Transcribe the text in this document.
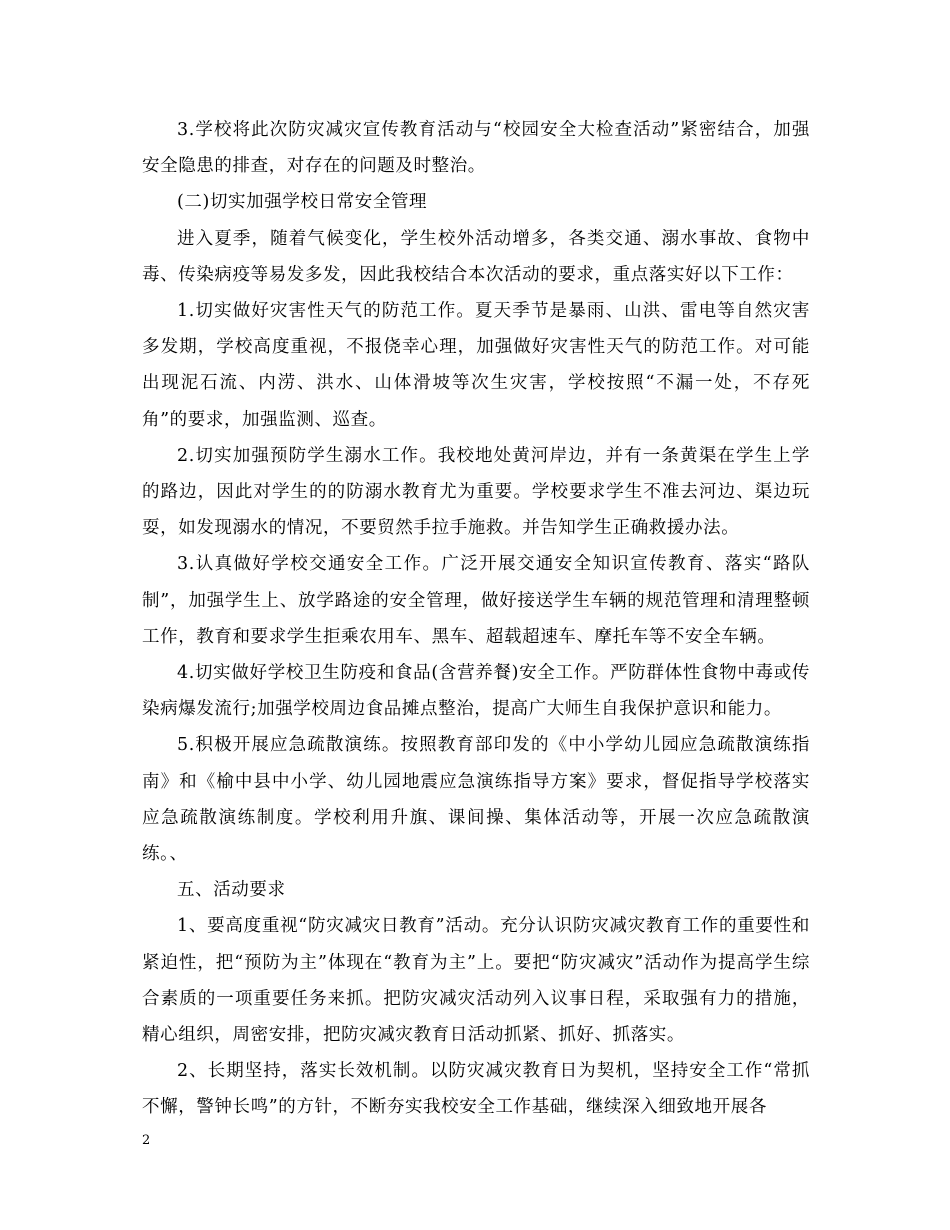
3.学校将此次防灾减灾宣传教育活动与“校园安全大检查活动”紧密结合，加强安全隐患的排查，对存在的问题及时整治。

(二)切实加强学校日常安全管理

进入夏季，随着气候变化，学生校外活动增多，各类交通、溺水事故、食物中毒、传染病疫等易发多发，因此我校结合本次活动的要求，重点落实好以下工作：

1.切实做好灾害性天气的防范工作。夏天季节是暴雨、山洪、雷电等自然灾害多发期，学校高度重视，不报侥幸心理，加强做好灾害性天气的防范工作。对可能出现泥石流、内涝、洪水、山体滑坡等次生灾害，学校按照“不漏一处，不存死角”的要求，加强监测、巡查。

2.切实加强预防学生溺水工作。我校地处黄河岸边，并有一条黄渠在学生上学的路边，因此对学生的的防溺水教育尤为重要。学校要求学生不准去河边、渠边玩耍，如发现溺水的情况，不要贸然手拉手施救。并告知学生正确救援办法。

3.认真做好学校交通安全工作。广泛开展交通安全知识宣传教育、落实“路队制”，加强学生上、放学路途的安全管理，做好接送学生车辆的规范管理和清理整顿工作，教育和要求学生拒乘农用车、黑车、超载超速车、摩托车等不安全车辆。

4.切实做好学校卫生防疫和食品(含营养餐)安全工作。严防群体性食物中毒或传染病爆发流行;加强学校周边食品摊点整治，提高广大师生自我保护意识和能力。

5.积极开展应急疏散演练。按照教育部印发的《中小学幼儿园应急疏散演练指南》和《榆中县中小学、幼儿园地震应急演练指导方案》要求，督促指导学校落实应急疏散演练制度。学校利用升旗、课间操、集体活动等，开展一次应急疏散演练。、

五、活动要求

1、要高度重视“防灾减灾日教育”活动。充分认识防灾减灾教育工作的重要性和紧迫性，把“预防为主”体现在“教育为主”上。要把“防灾减灾”活动作为提高学生综合素质的一项重要任务来抓。把防灾减灾活动列入议事日程，采取强有力的措施，精心组织，周密安排，把防灾减灾教育日活动抓紧、抓好、抓落实。

2、长期坚持，落实长效机制。以防灾减灾教育日为契机，坚持安全工作“常抓不懈，警钟长鸣”的方针，不断夯实我校安全工作基础，继续深入细致地开展各

2
